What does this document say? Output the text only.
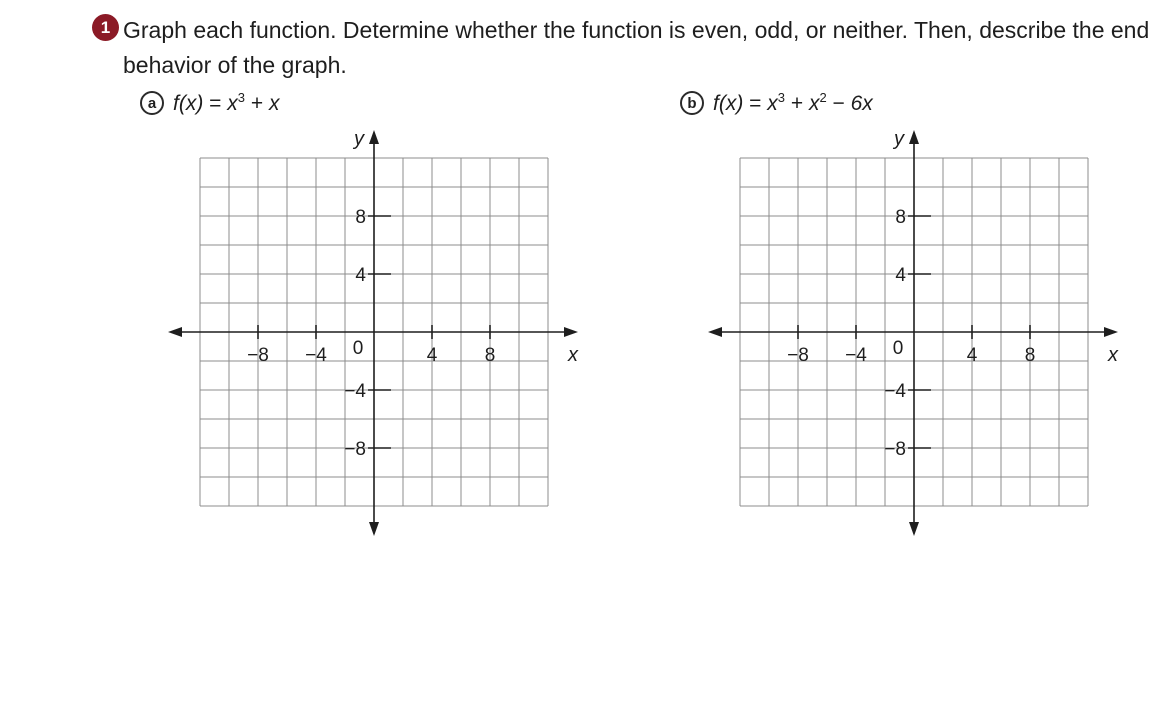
1 Graph each function. Determine whether the function is even, odd, or neither. Then, describe the end behavior of the graph.

a $f(x) = x^3 + x$	b $f(x) = x^3 + x^2 - 6x$
y
x
0
−8 −4	4 8
8
4
−4
−8
y
x
0
−8 −4	4 8
8
4
−4
−8
